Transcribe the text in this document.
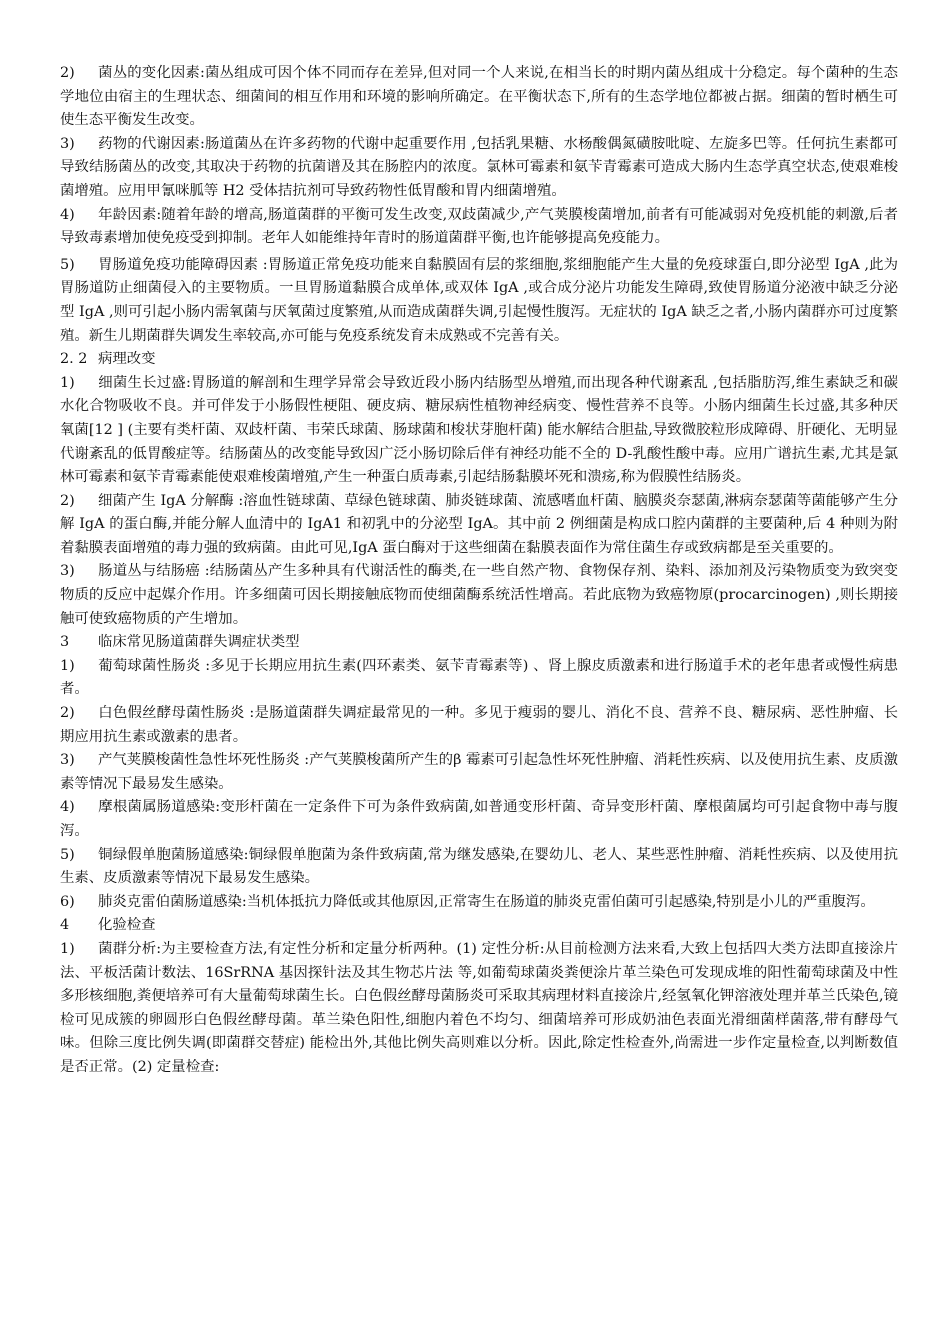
2) 菌丛的变化因素:菌丛组成可因个体不同而存在差异,但对同一个人来说,在相当长的时期内菌丛组成十分稳定。每个菌种的生态学地位由宿主的生理状态、细菌间的相互作用和环境的影响所确定。在平衡状态下,所有的生态学地位都被占据。细菌的暂时栖生可使生态平衡发生改变。
3) 药物的代谢因素:肠道菌丛在许多药物的代谢中起重要作用 ,包括乳果糖、水杨酸偶氮磺胺吡啶、左旋多巴等。任何抗生素都可导致结肠菌丛的改变,其取决于药物的抗菌谱及其在肠腔内的浓度。氯林可霉素和氨苄青霉素可造成大肠内生态学真空状态,使艰难梭菌增殖。应用甲氰咪胍等 H2 受体拮抗剂可导致药物性低胃酸和胃内细菌增殖。
4) 年龄因素:随着年龄的增高,肠道菌群的平衡可发生改变,双歧菌减少,产气荚膜梭菌增加,前者有可能减弱对免疫机能的刺激,后者导致毒素增加使免疫受到抑制。老年人如能维持年青时的肠道菌群平衡,也许能够提高免疫能力。
5) 胃肠道免疫功能障碍因素 :胃肠道正常免疫功能来自黏膜固有层的浆细胞,浆细胞能产生大量的免疫球蛋白,即分泌型 IgA ,此为胃肠道防止细菌侵入的主要物质。一旦胃肠道黏膜合成单体,或双体 IgA ,或合成分泌片功能发生障碍,致使胃肠道分泌液中缺乏分泌型 IgA ,则可引起小肠内需氧菌与厌氧菌过度繁殖,从而造成菌群失调,引起慢性腹泻。无症状的 IgA 缺乏之者,小肠内菌群亦可过度繁殖。新生儿期菌群失调发生率较高,亦可能与免疫系统发育未成熟或不完善有关。
2. 2 病理改变
1) 细菌生长过盛:胃肠道的解剖和生理学异常会导致近段小肠内结肠型丛增殖,而出现各种代谢紊乱 ,包括脂肪泻,维生素缺乏和碳水化合物吸收不良。并可伴发于小肠假性梗阻、硬皮病、糖尿病性植物神经病变、慢性营养不良等。小肠内细菌生长过盛,其多种厌氧菌[12 ] (主要有类杆菌、双歧杆菌、韦荣氏球菌、肠球菌和梭状芽胞杆菌) 能水解结合胆盐,导致微胶粒形成障碍、肝硬化、无明显代谢紊乱的低胃酸症等。结肠菌丛的改变能导致因广泛小肠切除后伴有神经功能不全的 D-乳酸性酸中毒。应用广谱抗生素,尤其是氯林可霉素和氨苄青霉素能使艰难梭菌增殖,产生一种蛋白质毒素,引起结肠黏膜坏死和溃疡,称为假膜性结肠炎。
2) 细菌产生 IgA 分解酶 :溶血性链球菌、草绿色链球菌、肺炎链球菌、流感嗜血杆菌、脑膜炎奈瑟菌,淋病奈瑟菌等菌能够产生分解 IgA 的蛋白酶,并能分解人血清中的 IgA1 和初乳中的分泌型 IgA。其中前 2 例细菌是构成口腔内菌群的主要菌种,后 4 种则为附着黏膜表面增殖的毒力强的致病菌。由此可见,IgA 蛋白酶对于这些细菌在黏膜表面作为常住菌生存或致病都是至关重要的。
3) 肠道丛与结肠癌 :结肠菌丛产生多种具有代谢活性的酶类,在一些自然产物、食物保存剂、染料、添加剂及污染物质变为致突变物质的反应中起媒介作用。许多细菌可因长期接触底物而使细菌酶系统活性增高。若此底物为致癌物原(procarcinogen) ,则长期接触可使致癌物质的产生增加。
3 临床常见肠道菌群失调症状类型
1) 葡萄球菌性肠炎 :多见于长期应用抗生素(四环素类、氨苄青霉素等) 、肾上腺皮质激素和进行肠道手术的老年患者或慢性病患者。
2) 白色假丝酵母菌性肠炎 :是肠道菌群失调症最常见的一种。多见于瘦弱的婴儿、消化不良、营养不良、糖尿病、恶性肿瘤、长期应用抗生素或激素的患者。
3) 产气荚膜梭菌性急性坏死性肠炎 :产气荚膜梭菌所产生的β 霉素可引起急性坏死性肿瘤、消耗性疾病、以及使用抗生素、皮质激素等情况下最易发生感染。
4) 摩根菌属肠道感染:变形杆菌在一定条件下可为条件致病菌,如普通变形杆菌、奇异变形杆菌、摩根菌属均可引起食物中毒与腹泻。
5) 铜绿假单胞菌肠道感染:铜绿假单胞菌为条件致病菌,常为继发感染,在婴幼儿、老人、某些恶性肿瘤、消耗性疾病、以及使用抗生素、皮质激素等情况下最易发生感染。
6) 肺炎克雷伯菌肠道感染:当机体抵抗力降低或其他原因,正常寄生在肠道的肺炎克雷伯菌可引起感染,特别是小儿的严重腹泻。
4 化验检查
1) 菌群分析:为主要检查方法,有定性分析和定量分析两种。(1) 定性分析:从目前检测方法来看,大致上包括四大类方法即直接涂片法、平板活菌计数法、16SrRNA 基因探针法及其生物芯片法 等,如葡萄球菌炎粪便涂片革兰染色可发现成堆的阳性葡萄球菌及中性多形核细胞,粪便培养可有大量葡萄球菌生长。白色假丝酵母菌肠炎可采取其病理材料直接涂片,经氢氧化钾溶液处理并革兰氏染色,镜检可见成簇的卵圆形白色假丝酵母菌。革兰染色阳性,细胞内着色不均匀、细菌培养可形成奶油色表面光滑细菌样菌落,带有酵母气味。但除三度比例失调(即菌群交替症) 能检出外,其他比例失高则难以分析。因此,除定性检查外,尚需进一步作定量检查,以判断数值是否正常。(2) 定量检查:
